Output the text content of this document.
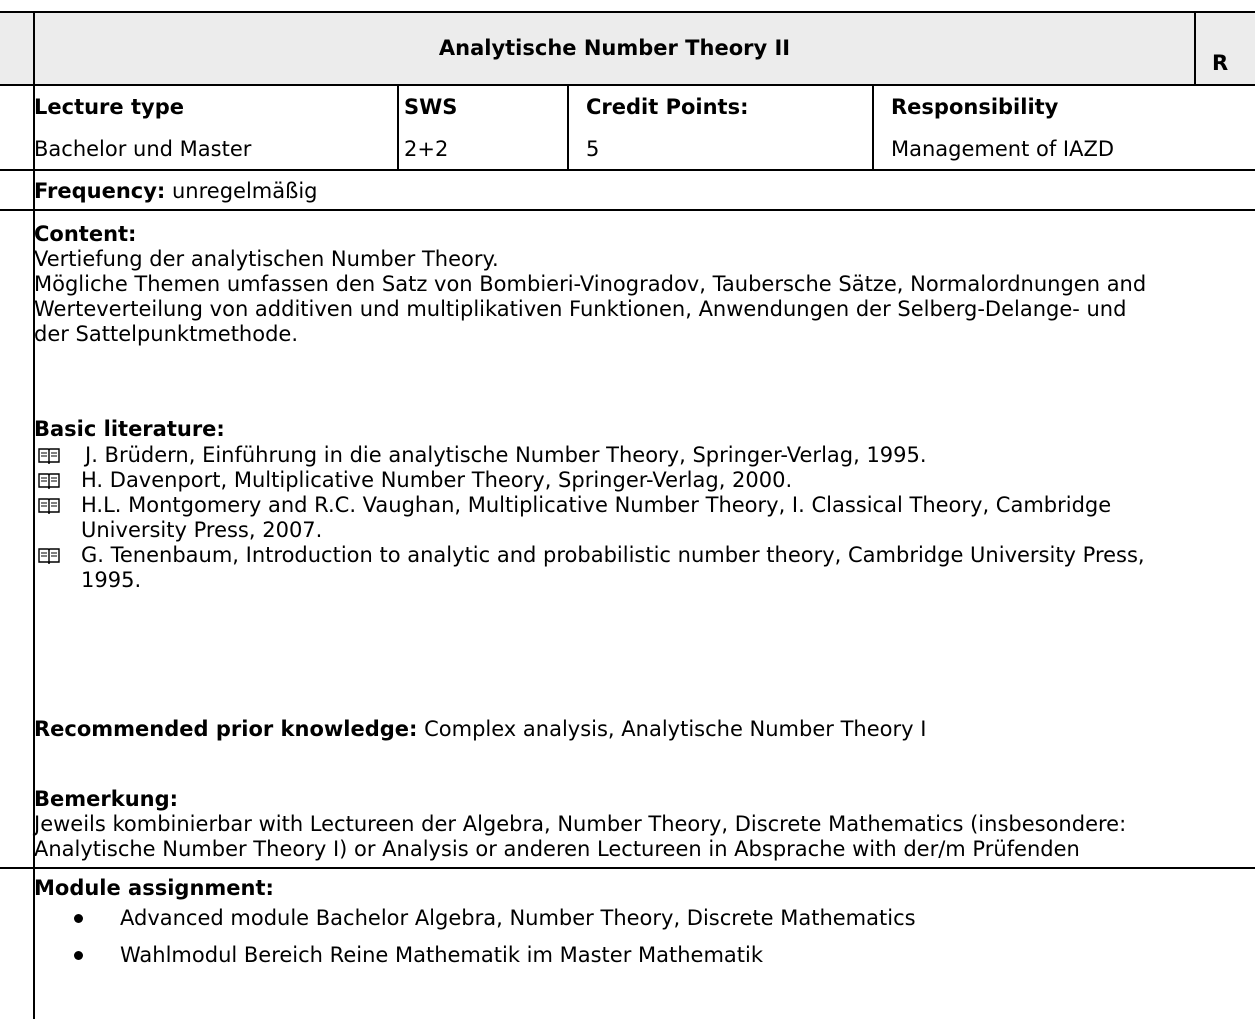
Analytische Number Theory II
R
Lecture type
Bachelor und Master
SWS
2+2
Credit Points:
5
Responsibility
Management of IAZD
Frequency: unregelmäßig
Content:
Vertiefung der analytischen Number Theory.
Mögliche Themen umfassen den Satz von Bombieri-Vinogradov, Taubersche Sätze, Normalordnungen and
Werteverteilung von additiven und multiplikativen Funktionen, Anwendungen der Selberg-Delange- und
der Sattelpunktmethode.
Basic literature:
J. Brüdern, Einführung in die analytische Number Theory, Springer-Verlag, 1995.
H. Davenport, Multiplicative Number Theory, Springer-Verlag, 2000.
H.L. Montgomery and R.C. Vaughan, Multiplicative Number Theory, I. Classical Theory, Cambridge
University Press, 2007.
G. Tenenbaum, Introduction to analytic and probabilistic number theory, Cambridge University Press,
1995.
Recommended prior knowledge: Complex analysis, Analytische Number Theory I
Bemerkung:
Jeweils kombinierbar with Lectureen der Algebra, Number Theory, Discrete Mathematics (insbesondere:
Analytische Number Theory I) or Analysis or anderen Lectureen in Absprache with der/m Prüfenden
Module assignment:
Advanced module Bachelor Algebra, Number Theory, Discrete Mathematics
Wahlmodul Bereich Reine Mathematik im Master Mathematik
